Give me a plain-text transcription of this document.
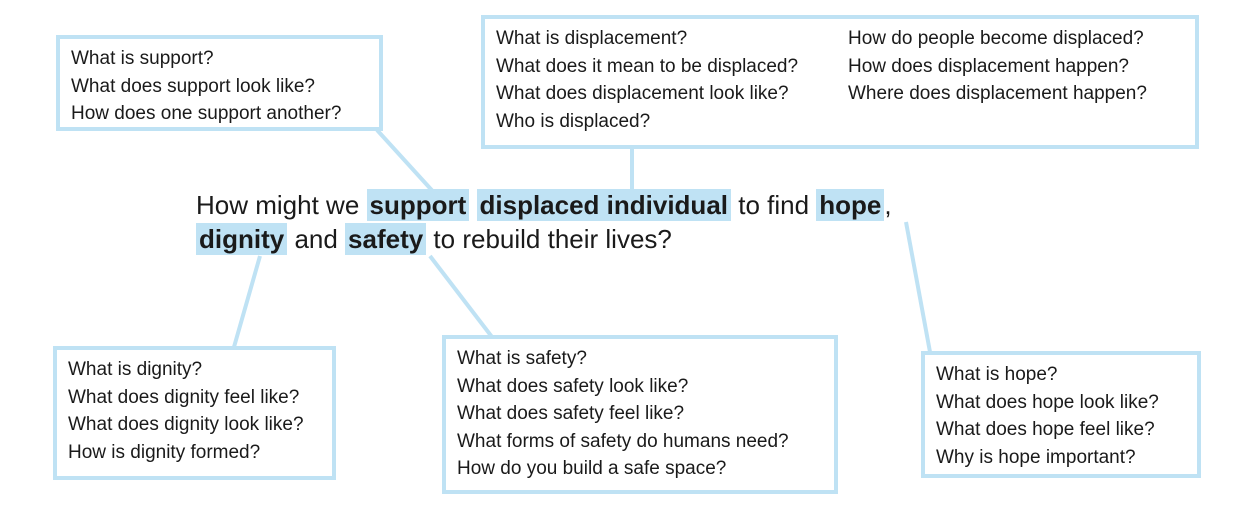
What is support?
What does support look like?
How does one support another?
What is displacement?
What does it mean to be displaced?
What does displacement look like?
Who is displaced?
How do people become displaced?
How does displacement happen?
Where does displacement happen?
How might we support displaced individual to find hope ,
dignity and safety to rebuild their lives?
What is dignity?
What does dignity feel like?
What does dignity look like?
How is dignity formed?
What is safety?
What does safety look like?
What does safety feel like?
What forms of safety do humans need?
How do you build a safe space?
What is hope?
What does hope look like?
What does hope feel like?
Why is hope important?
